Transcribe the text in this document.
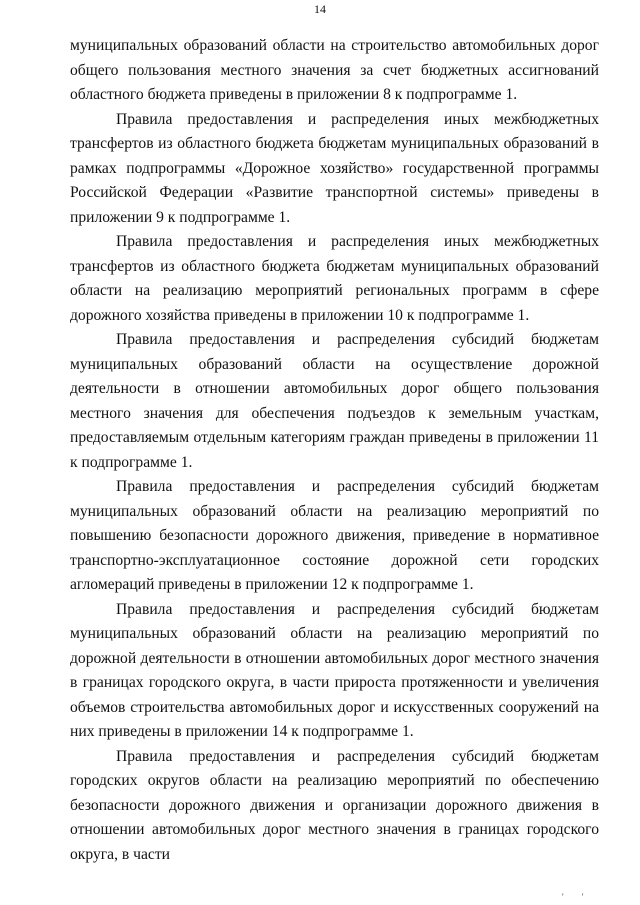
14

муниципальных образований области на строительство автомобильных дорог общего пользования местного значения за счет бюджетных ассигнований областного бюджета приведены в приложении 8 к подпрограмме 1.

Правила предоставления и распределения иных межбюджетных трансфертов из областного бюджета бюджетам муниципальных образований в рамках подпрограммы «Дорожное хозяйство» государственной программы Российской Федерации «Развитие транспортной системы» приведены в приложении 9 к подпрограмме 1.

Правила предоставления и распределения иных межбюджетных трансфертов из областного бюджета бюджетам муниципальных образований области на реализацию мероприятий региональных программ в сфере дорожного хозяйства приведены в приложении 10 к подпрограмме 1.

Правила предоставления и распределения субсидий бюджетам муниципальных образований области на осуществление дорожной деятельности в отношении автомобильных дорог общего пользования местного значения для обеспечения подъездов к земельным участкам, предоставляемым отдельным категориям граждан приведены в приложении 11 к подпрограмме 1.

Правила предоставления и распределения субсидий бюджетам муниципальных образований области на реализацию мероприятий по повышению безопасности дорожного движения, приведение в нормативное транспортно-эксплуатационное состояние дорожной сети городских агломераций приведены в приложении 12 к подпрограмме 1.

Правила предоставления и распределения субсидий бюджетам муниципальных образований области на реализацию мероприятий по дорожной деятельности в отношении автомобильных дорог местного значения в границах городского округа, в части прироста протяженности и увеличения объемов строительства автомобильных дорог и искусственных сооружений на них приведены в приложении 14 к подпрограмме 1.

Правила предоставления и распределения субсидий бюджетам городских округов области на реализацию мероприятий по обеспечению безопасности дорожного движения и организации дорожного движения в отношении автомобильных дорог местного значения в границах городского округа, в части

' '
